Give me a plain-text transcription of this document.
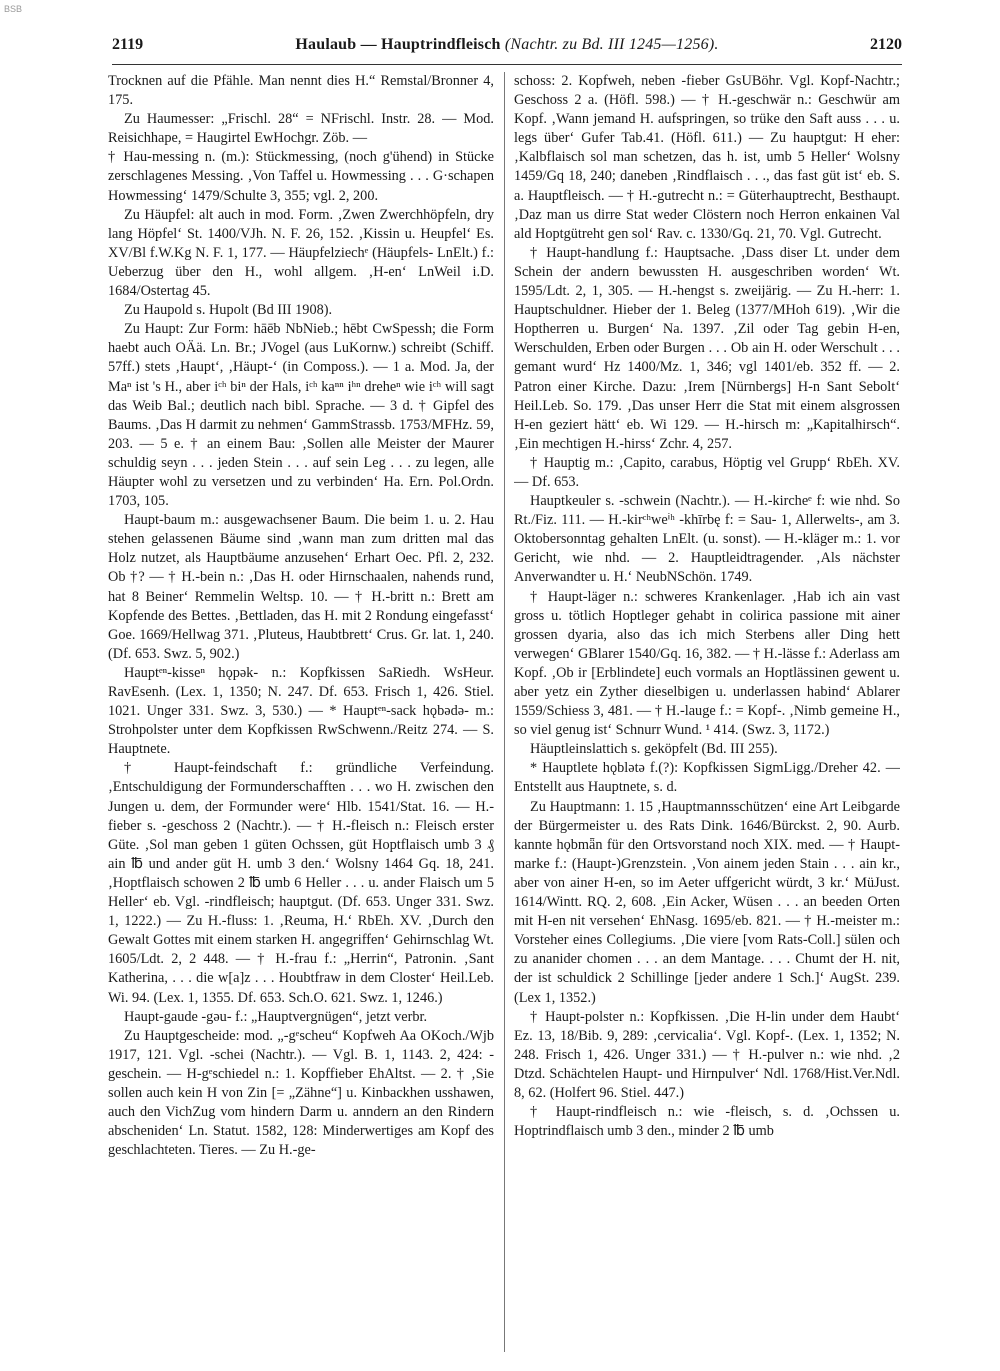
BSB
2119	Haulaub — Hauptrindfleisch (Nachtr. zu Bd. III 1245—1256).	2120

Trocknen auf die Pfähle. Man nennt dies H.“ Remstal/Bronner 4, 175.

Zu Haumesser: „Frischl. 28“ = NFrischl. Instr. 28. — Mod. Reisichhape, = Haugirtel EwHochgr. Zöb. —

† Hau-messing n. (m.): Stückmessing, (noch g'ühend) in Stücke zerschlagenes Messing. ‚Von Taffel u. Howmessing . . . G·schapen Howmessing‘ 1479/Schulte 3, 355; vgl. 2, 200.

Zu Häupfel: alt auch in mod. Form. ‚Zwen Zwerchhöpfeln, dry lang Höpfel‘ St. 1400/VJh. N. F. 26, 152. ‚Kissin u. Heupfel‘ Es. XV/Bl f.W.Kg N. F. 1, 177. — Häupfelziechᵉ (Häupfels- LnElt.) f.: Ueberzug über den H., wohl allgem. ‚H-en‘ LnWeil i.D. 1684/Ostertag 45.

Zu Haupold s. Hupolt (Bd III 1908).

Zu Haupt: Zur Form: hāēb NbNieb.; hēbt CwSpessh; die Form haebt auch OÄä. Ln. Br.; JVogel (aus LuKornw.) schreibt (Schiff. 57ff.) stets ‚Haupt‘, ‚Häupt-‘ (in Composs.). — 1 a. Mod. Ja, der Maⁿ ist 's H., aber iᶜʰ biⁿ der Hals, iᶜʰ kaⁿⁿ iʰⁿ dreheⁿ wie iᶜʰ will sagt das Weib Bal.; deutlich nach bibl. Sprache. — 3 d. † Gipfel des Baums. ‚Das H darmit zu nehmen‘ GammStrassb. 1753/MFHz. 59, 203. — 5 e. † an einem Bau: ‚Sollen alle Meister der Maurer schuldig seyn . . . jeden Stein . . . auf sein Leg . . . zu legen, alle Häupter wohl zu versetzen und zu verbinden‘ Ha. Ern. Pol.Ordn. 1703, 105.

Haupt-baum m.: ausgewachsener Baum. Die beim 1. u. 2. Hau stehen gelassenen Bäume sind ‚wann man zum dritten mal das Holz nutzet, als Hauptbäume anzusehen‘ Erhart Oec. Pfl. 2, 232. Ob †? — † H.-bein n.: ‚Das H. oder Hirnschaalen, nahends rund, hat 8 Beiner‘ Remmelin Weltsp. 10. — † H.-britt n.: Brett am Kopfende des Bettes. ‚Bettladen, das H. mit 2 Rondung eingefasst‘ Goe. 1669/Hellwag 371. ‚Pluteus, Haubtbrett‘ Crus. Gr. lat. 1, 240. (Df. 653. Swz. 5, 902.)

Hauptᵉⁿ-kisseⁿ hǫpək- n.: Kopfkissen SaRiedh. WsHeur. RavEsenh. (Lex. 1, 1350; N. 247. Df. 653. Frisch 1, 426. Stiel. 1021. Unger 331. Swz. 3, 530.) — * Hauptᵉⁿ-sack hǫbədə- m.: Strohpolster unter dem Kopfkissen RwSchwenn./Reitz 274. — S. Hauptnete.

† Haupt-feindschaft f.: gründliche Verfeindung. ‚Entschuldigung der Formunderschafften . . . wo H. zwischen den Jungen u. dem, der Formunder were‘ Hlb. 1541/Stat. 16. — H.-fieber s. -geschoss 2 (Nachtr.). — † H.-fleisch n.: Fleisch erster Güte. ‚Sol man geben 1 güten Ochssen, güt Hoptflaisch umb 3 ₰ ain ℔ und ander güt H. umb 3 den.‘ Wolsny 1464 Gq. 18, 241. ‚Hoptflaisch schowen 2 ℔ umb 6 Heller . . . u. ander Flaisch um 5 Heller‘ eb. Vgl. -rindfleisch; hauptgut. (Df. 653. Unger 331. Swz. 1, 1222.) — Zu H.-fluss: 1. ‚Reuma, H.‘ RbEh. XV. ‚Durch den Gewalt Gottes mit einem starken H. angegriffen‘ Gehirnschlag Wt. 1605/Ldt. 2, 2 448. — † H.-frau f.: „Herrin“, Patronin. ‚Sant Katherina, . . . die w[a]z . . . Houbtfraw in dem Closter‘ Heil.Leb. Wi. 94. (Lex. 1, 1355. Df. 653. Sch.O. 621. Swz. 1, 1246.)

Haupt-gaude -gəu- f.: „Hauptvergnügen“, jetzt verbr.

Zu Hauptgescheide: mod. „-gᵉscheu“ Kopfweh Aa OKoch./Wjb 1917, 121. Vgl. -schei (Nachtr.). — Vgl. B. 1, 1143. 2, 424: -geschein. — H-gᵉschiedel n.: 1. Kopffieber EhAltst. — 2. † ‚Sie sollen auch kein H von Zin [= „Zähne“] u. Kinbackhen usshawen, auch den VichZug vom hindern Darm u. anndern an den Rindern abscheniden‘ Ln. Statut. 1582, 128: Minderwertiges am Kopf des geschlachteten. Tieres. — Zu H.-ge-

schoss: 2. Kopfweh, neben -fieber GsUBöhr. Vgl. Kopf-Nachtr.; Geschoss 2 a. (Höfl. 598.) — † H.-geschwär n.: Geschwür am Kopf. ‚Wann jemand H. aufspringen, so trüke den Saft auss . . . u. legs über‘ Gufer Tab.41. (Höfl. 611.) — Zu hauptgut: H eher: ‚Kalbflaisch sol man schetzen, das h. ist, umb 5 Heller‘ Wolsny 1459/Gq 18, 240; daneben ‚Rindflaisch . . ., das fast güt ist‘ eb. S. a. Hauptfleisch. — † H.-gutrecht n.: = Güterhauptrecht, Besthaupt. ‚Daz man us dirre Stat weder Clöstern noch Herron enkainen Val ald Hoptgütreht gen sol‘ Rav. c. 1330/Gq. 21, 70. Vgl. Gutrecht.

† Haupt-handlung f.: Hauptsache. ‚Dass diser Lt. under dem Schein der andern bewussten H. ausgeschriben worden‘ Wt. 1595/Ldt. 2, 1, 305. — H.-hengst s. zweijärig. — Zu H.-herr: 1. Hauptschuldner. Hieber der 1. Beleg (1377/MHoh 619). ‚Wir die Hoptherren u. Burgen‘ Na. 1397. ‚Zil oder Tag gebin H-en, Werschulden, Erben oder Burgen . . . Ob ain H. oder Werschult . . . gemant wurd‘ Hz 1400/Mz. 1, 346; vgl 1401/eb. 352 ff. — 2. Patron einer Kirche. Dazu: ‚Irem [Nürnbergs] H-n Sant Sebolt‘ Heil.Leb. So. 179. ‚Das unser Herr die Stat mit einem alsgrossen H-en geziert hätt‘ eb. Wi 129. — H.-hirsch m: „Kapitalhirsch“. ‚Ein mechtigen H.-hirss‘ Zchr. 4, 257.

† Hauptig m.: ‚Capito, carabus, Höptig vel Grupp‘ RbEh. XV. — Df. 653.

Hauptkeuler s. -schwein (Nachtr.). — H.-kircheᵉ f: wie nhd. So Rt./Fiz. 111. — H.-kirᶜʰweⁱʰ -khīrbę f: = Sau- 1, Allerwelts-, am 3. Oktobersonntag gehalten LnElt. (u. sonst). — H.-kläger m.: 1. vor Gericht, wie nhd. — 2. Hauptleidtragender. ‚Als nächster Anverwandter u. H.‘ NeubNSchön. 1749.

† Haupt-läger n.: schweres Krankenlager. ‚Hab ich ain vast gross u. tötlich Hoptleger gehabt in colirica passione mit ainer grossen dyaria, also das ich mich Sterbens aller Ding hett verwegen‘ GBlarer 1540/Gq. 16, 382. — † H.-lässe f.: Aderlass am Kopf. ‚Ob ir [Erblindete] euch vormals an Hoptlässinen gewent u. aber yetz ein Zyther dieselbigen u. underlassen habind‘ Ablarer 1559/Schiess 3, 481. — † H.-lauge f.: = Kopf-. ‚Nimb gemeine H., so viel genug ist‘ Schnurr Wund. ¹ 414. (Swz. 3, 1172.)

Häuptleinslattich s. geköpfelt (Bd. III 255).

* Hauptlete hǫblətə f.(?): Kopfkissen SigmLigg./Dreher 42. — Entstellt aus Hauptnete, s. d.

Zu Hauptmann: 1. 15 ‚Hauptmannsschützen‘ eine Art Leibgarde der Bürgermeister u. des Rats Dink. 1646/Bürckst. 2, 90. Aurb. kannte hǫbmǟn für den Ortsvorstand noch XIX. med. — † Haupt-marke f.: (Haupt-)Grenzstein. ‚Von ainem jeden Stain . . . ain kr., aber von ainer H-en, so im Aeter uffgericht würdt, 3 kr.‘ MüJust. 1614/Wintt. RQ. 2, 608. ‚Ein Acker, Wüsen . . . an beeden Orten mit H-en nit versehen‘ EhNasg. 1695/eb. 821. — † H.-meister m.: Vorsteher eines Collegiums. ‚Die viere [vom Rats-Coll.] sülen och zu ananider chomen . . . an dem Mantage. . . . Chumt der H. nit, der ist schuldick 2 Schillinge [jeder andere 1 Sch.]‘ AugSt. 239. (Lex 1, 1352.)

† Haupt-polster n.: Kopfkissen. ‚Die H-lin under dem Haubt‘ Ez. 13, 18/Bib. 9, 289: ‚cervicalia‘. Vgl. Kopf-. (Lex. 1, 1352; N. 248. Frisch 1, 426. Unger 331.) — † H.-pulver n.: wie nhd. ‚2 Dtzd. Schächtelen Haupt- und Hirnpulver‘ Ndl. 1768/Hist.Ver.Ndl. 8, 62. (Holfert 96. Stiel. 447.)

† Haupt-rindfleisch n.: wie -fleisch, s. d. ‚Ochssen u. Hoptrindflaisch umb 3 den., minder 2 ℔ umb
